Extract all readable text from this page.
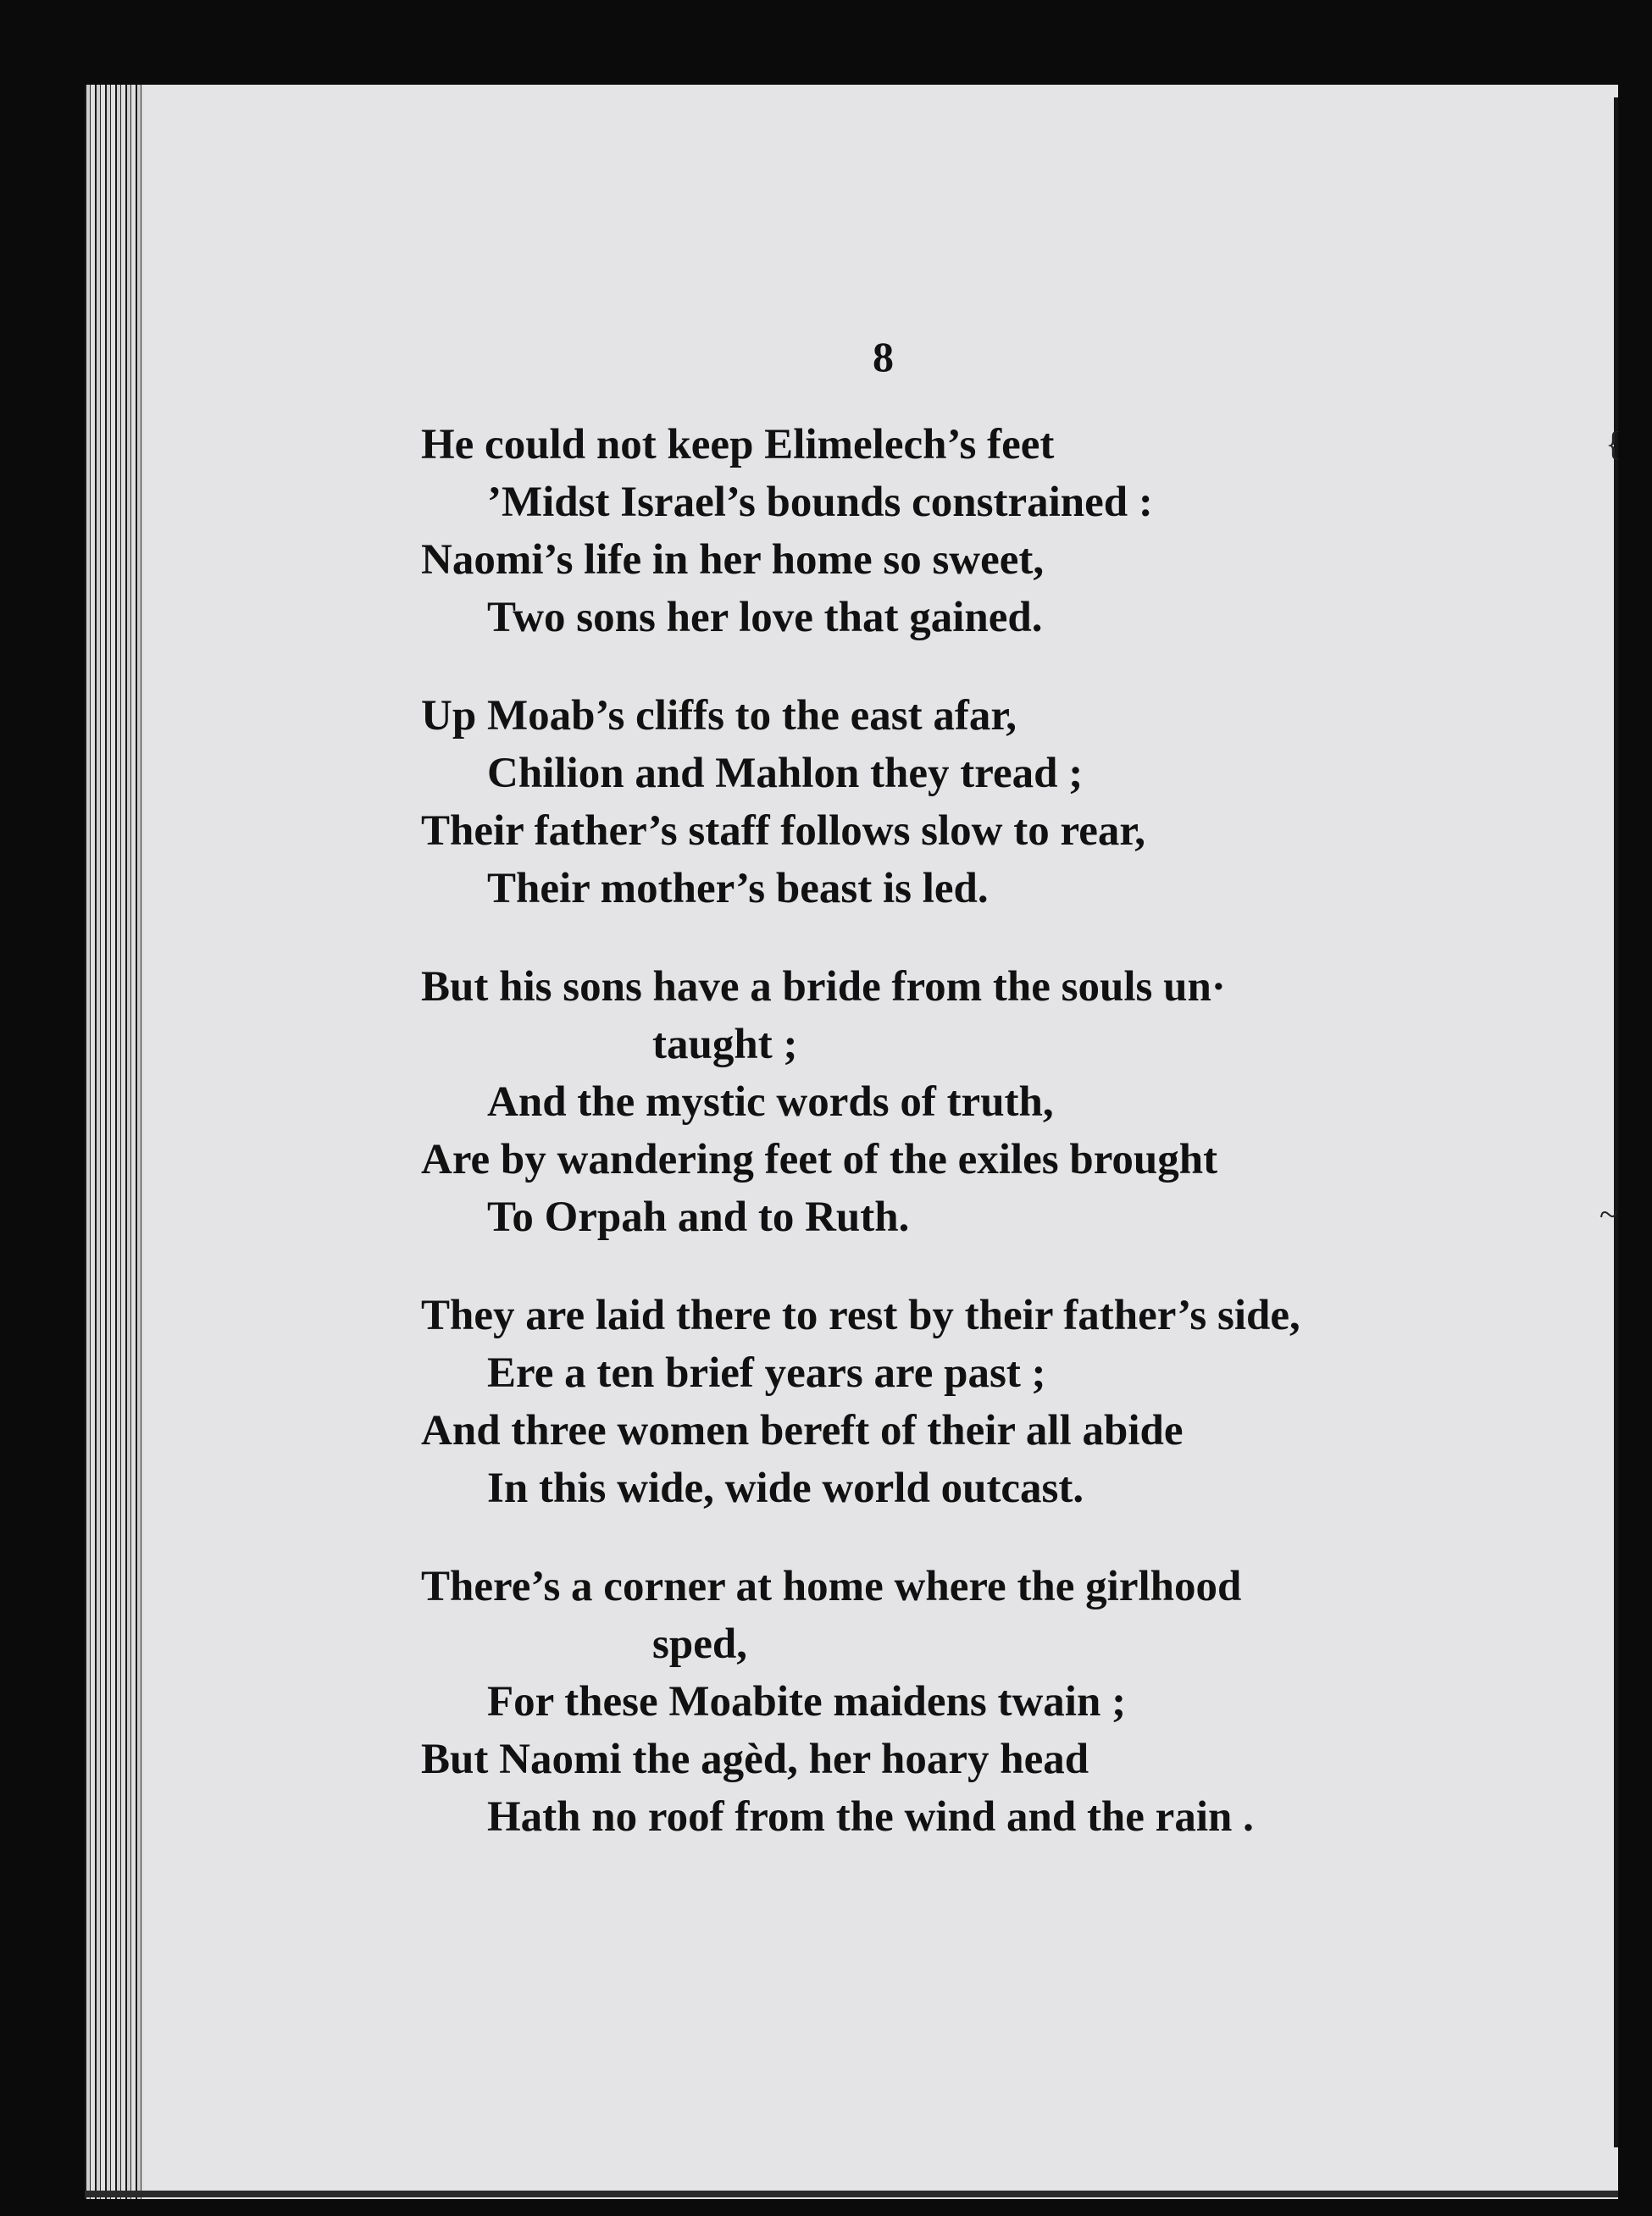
8
He could not keep Elimelech’s feet
’Midst Israel’s bounds constrained :
Naomi’s life in her home so sweet,
Two sons her love that gained.
Up Moab’s cliffs to the east afar,
Chilion and Mahlon they tread ;
Their father’s staff follows slow to rear,
Their mother’s beast is led.
But his sons have a bride from the souls un·
taught ;
And the mystic words of truth,
Are by wandering feet of the exiles brought
To Orpah and to Ruth.
They are laid there to rest by their father’s side,
Ere a ten brief years are past ;
And three women bereft of their all abide
In this wide, wide world outcast.
There’s a corner at home where the girlhood
sped,
For these Moabite maidens twain ;
But Naomi the agèd, her hoary head
Hath no roof from the wind and the rain .
{
~
